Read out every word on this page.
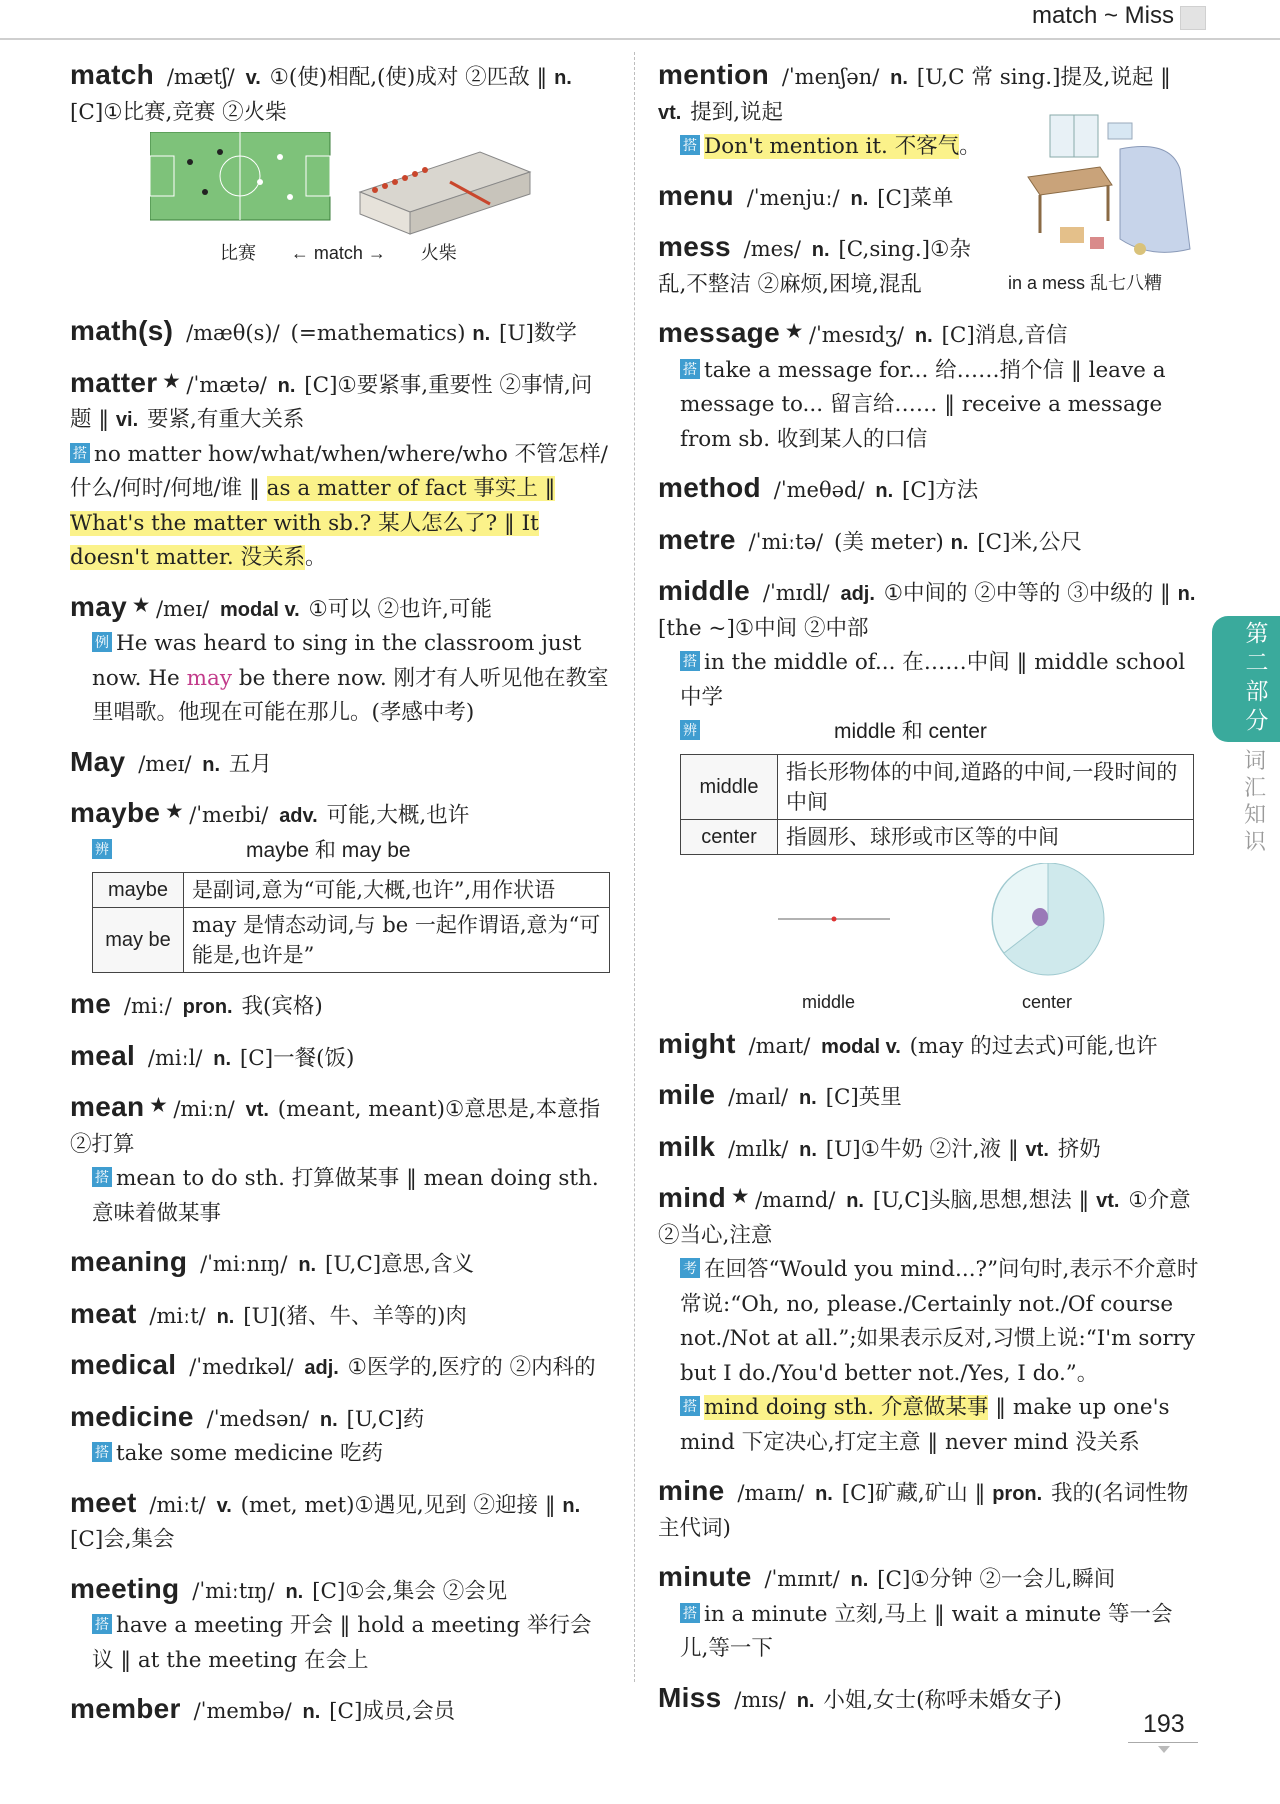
match ~ Miss
match /mætʃ/ v. ①(使)相配,(使)成对 ②匹敌 ‖ n. [C]①比赛,竞赛 ②火柴
比赛 ← match → 火柴
math(s) /mæθ(s)/ (=mathematics) n. [U]数学
matter ★ /ˈmætə/ n. [C]①要紧事,重要性 ②事情,问题 ‖ vi. 要紧,有重大关系
搭 no matter how/what/when/where/who 不管怎样/什么/何时/何地/谁 ‖ as a matter of fact 事实上 ‖ What's the matter with sb.? 某人怎么了? ‖ It doesn't matter. 没关系。
may ★ /meɪ/ modal v. ①可以 ②也许,可能
例 He was heard to sing in the classroom just now. He may be there now. 刚才有人听见他在教室里唱歌。他现在可能在那儿。(孝感中考)
May /meɪ/ n. 五月
maybe ★ /ˈmeɪbi/ adv. 可能,大概,也许
辨	maybe 和 may be
maybe	是副词,意为“可能,大概,也许”,用作状语
may be	may 是情态动词,与 be 一起作谓语,意为“可能是,也许是”
me /miː/ pron. 我(宾格)
meal /miːl/ n. [C]一餐(饭)
mean ★ /miːn/ vt. (meant, meant)①意思是,本意指 ②打算
搭 mean to do sth. 打算做某事 ‖ mean doing sth. 意味着做某事
meaning /ˈmiːnɪŋ/ n. [U,C]意思,含义
meat /miːt/ n. [U](猪、牛、羊等的)肉
medical /ˈmedɪkəl/ adj. ①医学的,医疗的 ②内科的
medicine /ˈmedsən/ n. [U,C]药
搭 take some medicine 吃药
meet /miːt/ v. (met, met)①遇见,见到 ②迎接 ‖ n. [C]会,集会
meeting /ˈmiːtɪŋ/ n. [C]①会,集会 ②会见
搭 have a meeting 开会 ‖ hold a meeting 举行会议 ‖ at the meeting 在会上
member /ˈmembə/ n. [C]成员,会员
mention /ˈmenʃən/ n. [U,C 常 sing.]提及,说起 ‖ vt. 提到,说起
搭 Don't mention it. 不客气。
menu /ˈmenjuː/ n. [C]菜单
mess /mes/ n. [C,sing.]①杂乱,不整洁 ②麻烦,困境,混乱	in a mess 乱七八糟
message ★ /ˈmesɪdʒ/ n. [C]消息,音信
搭 take a message for... 给……捎个信 ‖ leave a message to... 留言给…… ‖ receive a message from sb. 收到某人的口信
method /ˈmeθəd/ n. [C]方法
metre /ˈmiːtə/ (美 meter) n. [C]米,公尺
middle /ˈmɪdl/ adj. ①中间的 ②中等的 ③中级的 ‖ n. [the ~]①中间 ②中部
搭 in the middle of... 在……中间 ‖ middle school 中学
辨	middle 和 center
middle	指长形物体的中间,道路的中间,一段时间的中间
center	指圆形、球形或市区等的中间
middle	center
might /maɪt/ modal v. (may 的过去式)可能,也许
mile /maɪl/ n. [C]英里
milk /mɪlk/ n. [U]①牛奶 ②汁,液 ‖ vt. 挤奶
mind ★ /maɪnd/ n. [U,C]头脑,思想,想法 ‖ vt. ①介意 ②当心,注意
考 在回答“Would you mind...?”问句时,表示不介意时常说:“Oh, no, please./Certainly not./Of course not./Not at all.”;如果表示反对,习惯上说:“I'm sorry but I do./You'd better not./Yes, I do.”。
搭 mind doing sth. 介意做某事 ‖ make up one's mind 下定决心,打定主意 ‖ never mind 没关系
mine /maɪn/ n. [C]矿藏,矿山 ‖ pron. 我的(名词性物主代词)
minute /ˈmɪnɪt/ n. [C]①分钟 ②一会儿,瞬间
搭 in a minute 立刻,马上 ‖ wait a minute 等一会儿,等一下
Miss /mɪs/ n. 小姐,女士(称呼未婚女子)
第二部分
词汇知识
193
